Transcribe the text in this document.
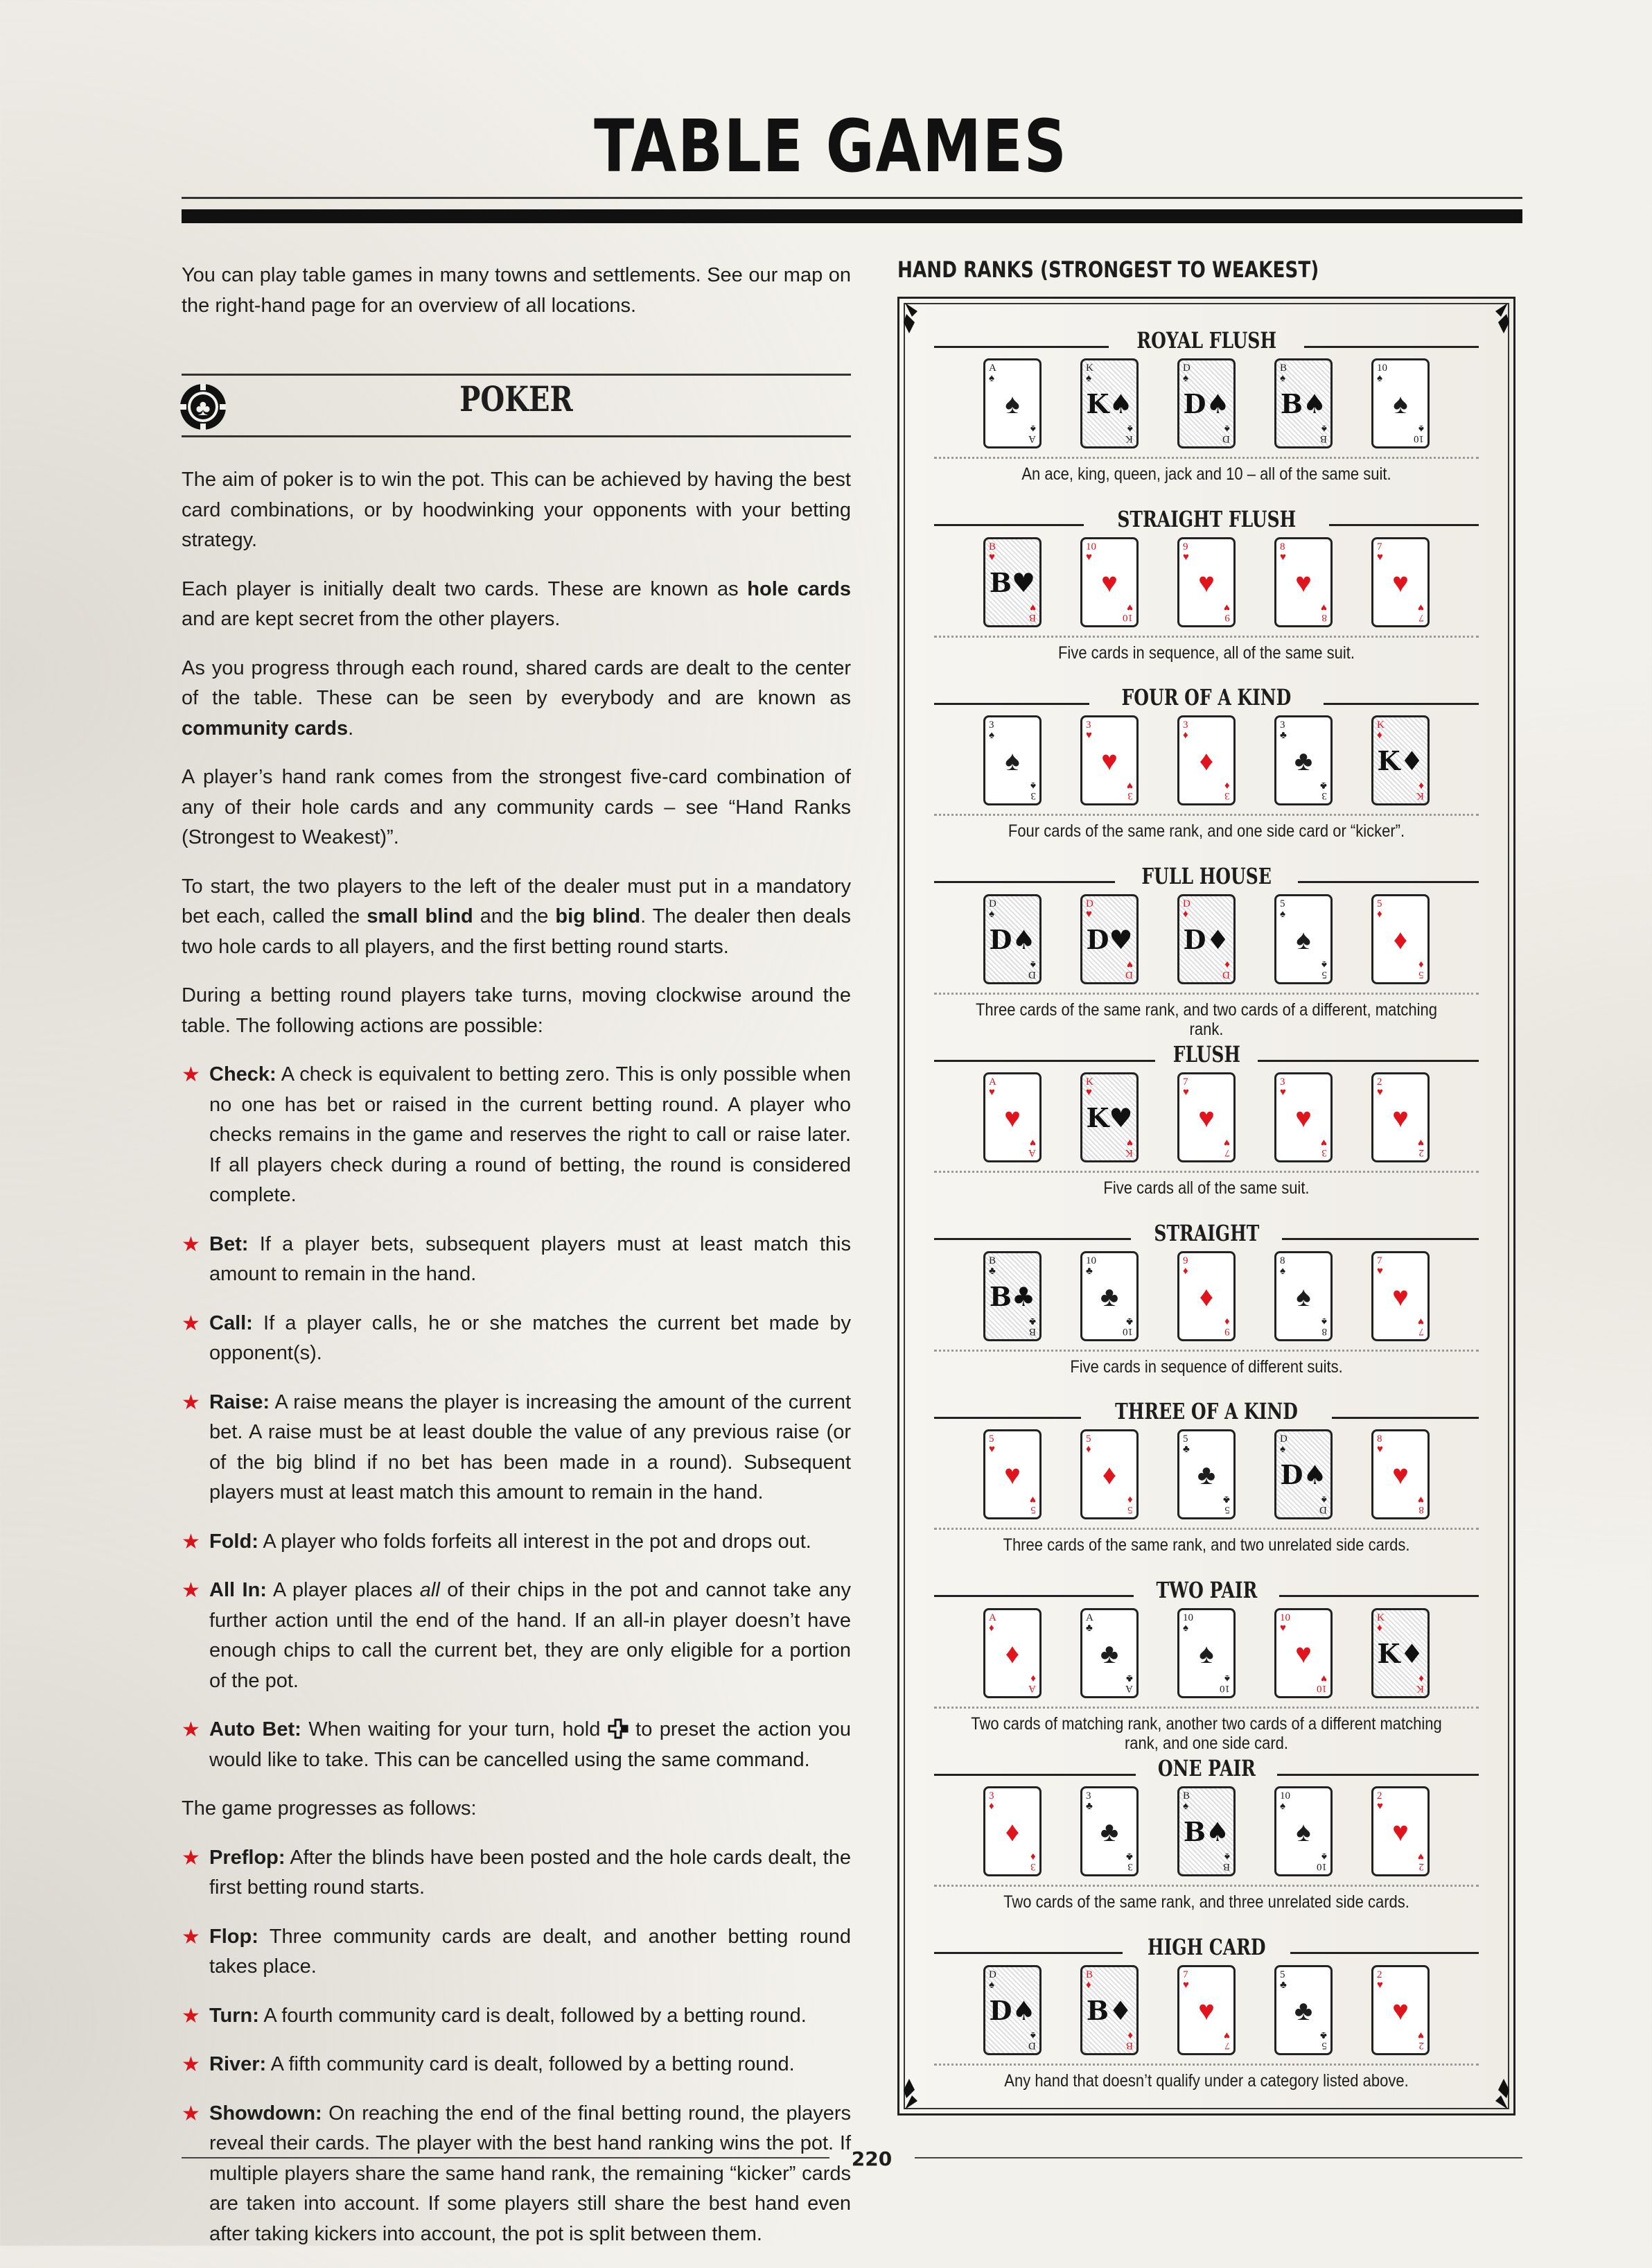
TABLE GAMES

You can play table games in many towns and settlements. See our map on the right-hand page for an overview of all locations.

♣	POKER

The aim of poker is to win the pot. This can be achieved by having the best card combinations, or by hoodwinking your opponents with your betting strategy.

Each player is initially dealt two cards. These are known as hole cards and are kept secret from the other players.

As you progress through each round, shared cards are dealt to the center of the table. These can be seen by everybody and are known as community cards.

A player’s hand rank comes from the strongest five-card combination of any of their hole cards and any community cards – see “Hand Ranks (Strongest to Weakest)”.

To start, the two players to the left of the dealer must put in a mandatory bet each, called the small blind and the big blind. The dealer then deals two hole cards to all players, and the first betting round starts.

During a betting round players take turns, moving clockwise around the table. The following actions are possible:

★ Check: A check is equivalent to betting zero. This is only possible when no one has bet or raised in the current betting round. A player who checks remains in the game and reserves the right to call or raise later. If all players check during a round of betting, the round is considered complete.

★ Bet: If a player bets, subsequent players must at least match this amount to remain in the hand.

★ Call: If a player calls, he or she matches the current bet made by opponent(s).

★ Raise: A raise means the player is increasing the amount of the current bet. A raise must be at least double the value of any previous raise (or of the big blind if no bet has been made in a round). Subsequent players must at least match this amount to remain in the hand.

★ Fold: A player who folds forfeits all interest in the pot and drops out.

★ All In: A player places all of their chips in the pot and cannot take any further action until the end of the hand. If an all-in player doesn’t have enough chips to call the current bet, they are only eligible for a portion of the pot.

★ Auto Bet: When waiting for your turn, hold  to preset the action you would like to take. This can be cancelled using the same command.

The game progresses as follows:

★ Preflop: After the blinds have been posted and the hole cards dealt, the first betting round starts.

★ Flop: Three community cards are dealt, and another betting round takes place.

★ Turn: A fourth community card is dealt, followed by a betting round.

★ River: A fifth community card is dealt, followed by a betting round.

★ Showdown: On reaching the end of the final betting round, the players reveal their cards. The player with the best hand ranking wins the pot. If multiple players share the same hand rank, the remaining “kicker” cards are taken into account. If some players still share the best hand even after taking kickers into account, the pot is split between them.

HAND RANKS (STRONGEST TO WEAKEST)
ROYAL FLUSH
A
♠
♠
A
♠
K
♠
K♠
K
♠
D
♠
D♠
D
♠
B
♠
B♠
B
♠
10
♠
♠
10
♠
An ace, king, queen, jack and 10 – all of the same suit.
STRAIGHT FLUSH
B
♥
B♥
B
♥
10
♥
♥
10
♥
9
♥
♥
9
♥
8
♥
♥
8
♥
7
♥
♥
7
♥
Five cards in sequence, all of the same suit.
FOUR OF A KIND
3
♠
♠
3
♠
3
♥
♥
3
♥
3
♦
♦
3
♦
3
♣
♣
3
♣
K
♦
K♦
K
♦
Four cards of the same rank, and one side card or “kicker”.
FULL HOUSE
D
♠
D♠
D
♠
D
♥
D♥
D
♥
D
♦
D♦
D
♦
5
♠
♠
5
♠
5
♦
♦
5
♦
Three cards of the same rank, and two cards of a different, matching rank.
FLUSH
A
♥
♥
A
♥
K
♥
K♥
K
♥
7
♥
♥
7
♥
3
♥
♥
3
♥
2
♥
♥
2
♥
Five cards all of the same suit.
STRAIGHT
B
♣
B♣
B
♣
10
♣
♣
10
♣
9
♦
♦
9
♦
8
♠
♠
8
♠
7
♥
♥
7
♥
Five cards in sequence of different suits.
THREE OF A KIND
5
♥
♥
5
♥
5
♦
♦
5
♦
5
♣
♣
5
♣
D
♠
D♠
D
♠
8
♥
♥
8
♥
Three cards of the same rank, and two unrelated side cards.
TWO PAIR
A
♦
♦
A
♦
A
♣
♣
A
♣
10
♠
♠
10
♠
10
♥
♥
10
♥
K
♦
K♦
K
♦
Two cards of matching rank, another two cards of a different matching rank, and one side card.
ONE PAIR
3
♦
♦
3
♦
3
♣
♣
3
♣
B
♠
B♠
B
♠
10
♠
♠
10
♠
2
♥
♥
2
♥
Two cards of the same rank, and three unrelated side cards.
HIGH CARD
D
♠
D♠
D
♠
B
♦
B♦
B
♦
7
♥
♥
7
♥
5
♣
♣
5
♣
2
♥
♥
2
♥
Any hand that doesn’t qualify under a category listed above.
220
